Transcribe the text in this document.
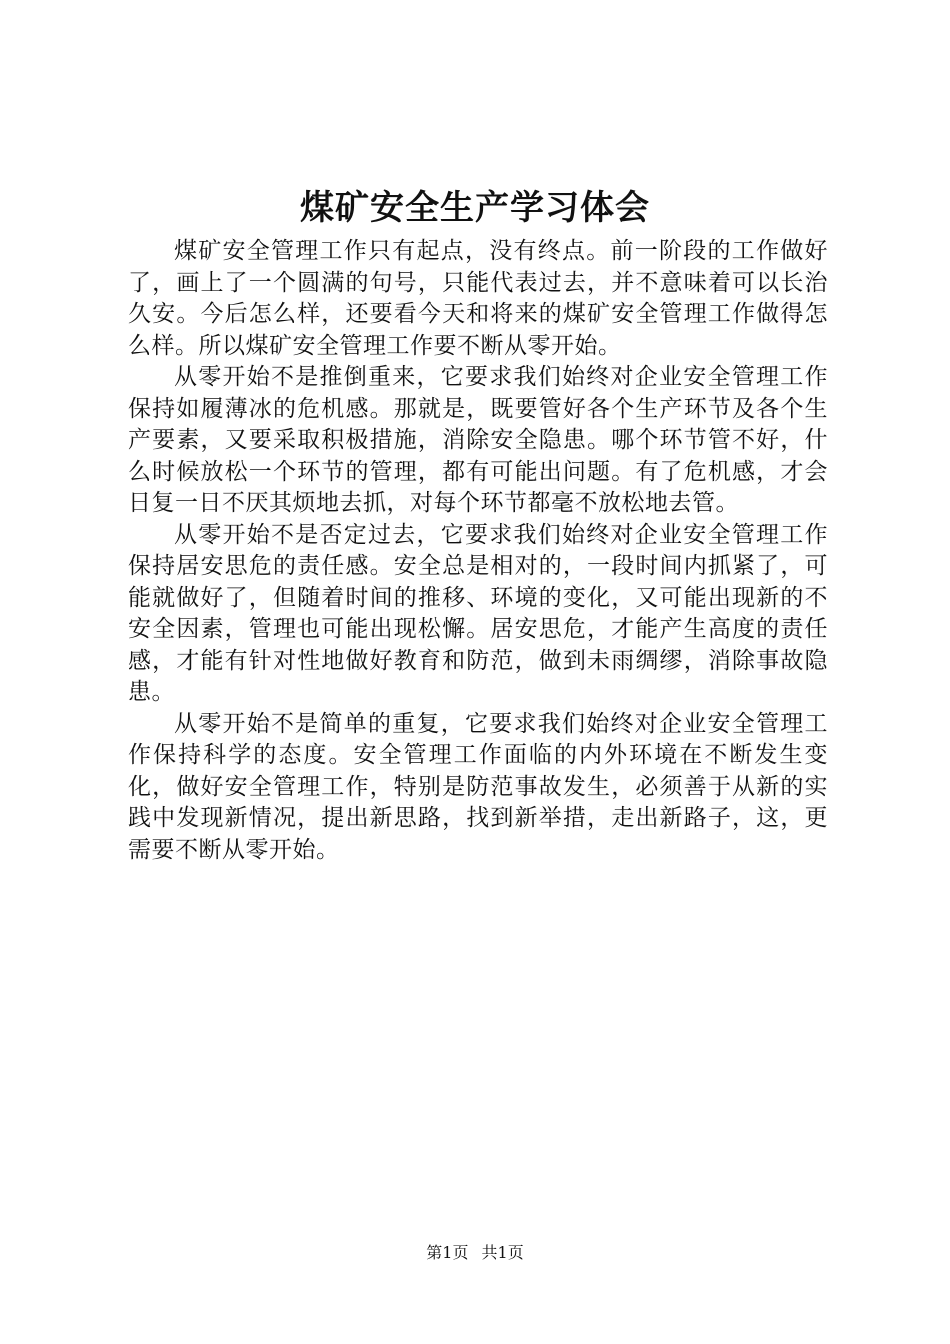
煤矿安全生产学习体会

煤矿安全管理工作只有起点，没有终点。前一阶段的工作做好了，画上了一个圆满的句号，只能代表过去，并不意味着可以长治久安。今后怎么样，还要看今天和将来的煤矿安全管理工作做得怎么样。所以煤矿安全管理工作要不断从零开始。

从零开始不是推倒重来，它要求我们始终对企业安全管理工作保持如履薄冰的危机感。那就是，既要管好各个生产环节及各个生产要素，又要采取积极措施，消除安全隐患。哪个环节管不好，什么时候放松一个环节的管理，都有可能出问题。有了危机感，才会日复一日不厌其烦地去抓，对每个环节都毫不放松地去管。

从零开始不是否定过去，它要求我们始终对企业安全管理工作保持居安思危的责任感。安全总是相对的，一段时间内抓紧了，可能就做好了，但随着时间的推移、环境的变化，又可能出现新的不安全因素，管理也可能出现松懈。居安思危，才能产生高度的责任感，才能有针对性地做好教育和防范，做到未雨绸缪，消除事故隐患。

从零开始不是简单的重复，它要求我们始终对企业安全管理工作保持科学的态度。安全管理工作面临的内外环境在不断发生变化，做好安全管理工作，特别是防范事故发生，必须善于从新的实践中发现新情况，提出新思路，找到新举措，走出新路子，这，更需要不断从零开始。

第1页 共1页
